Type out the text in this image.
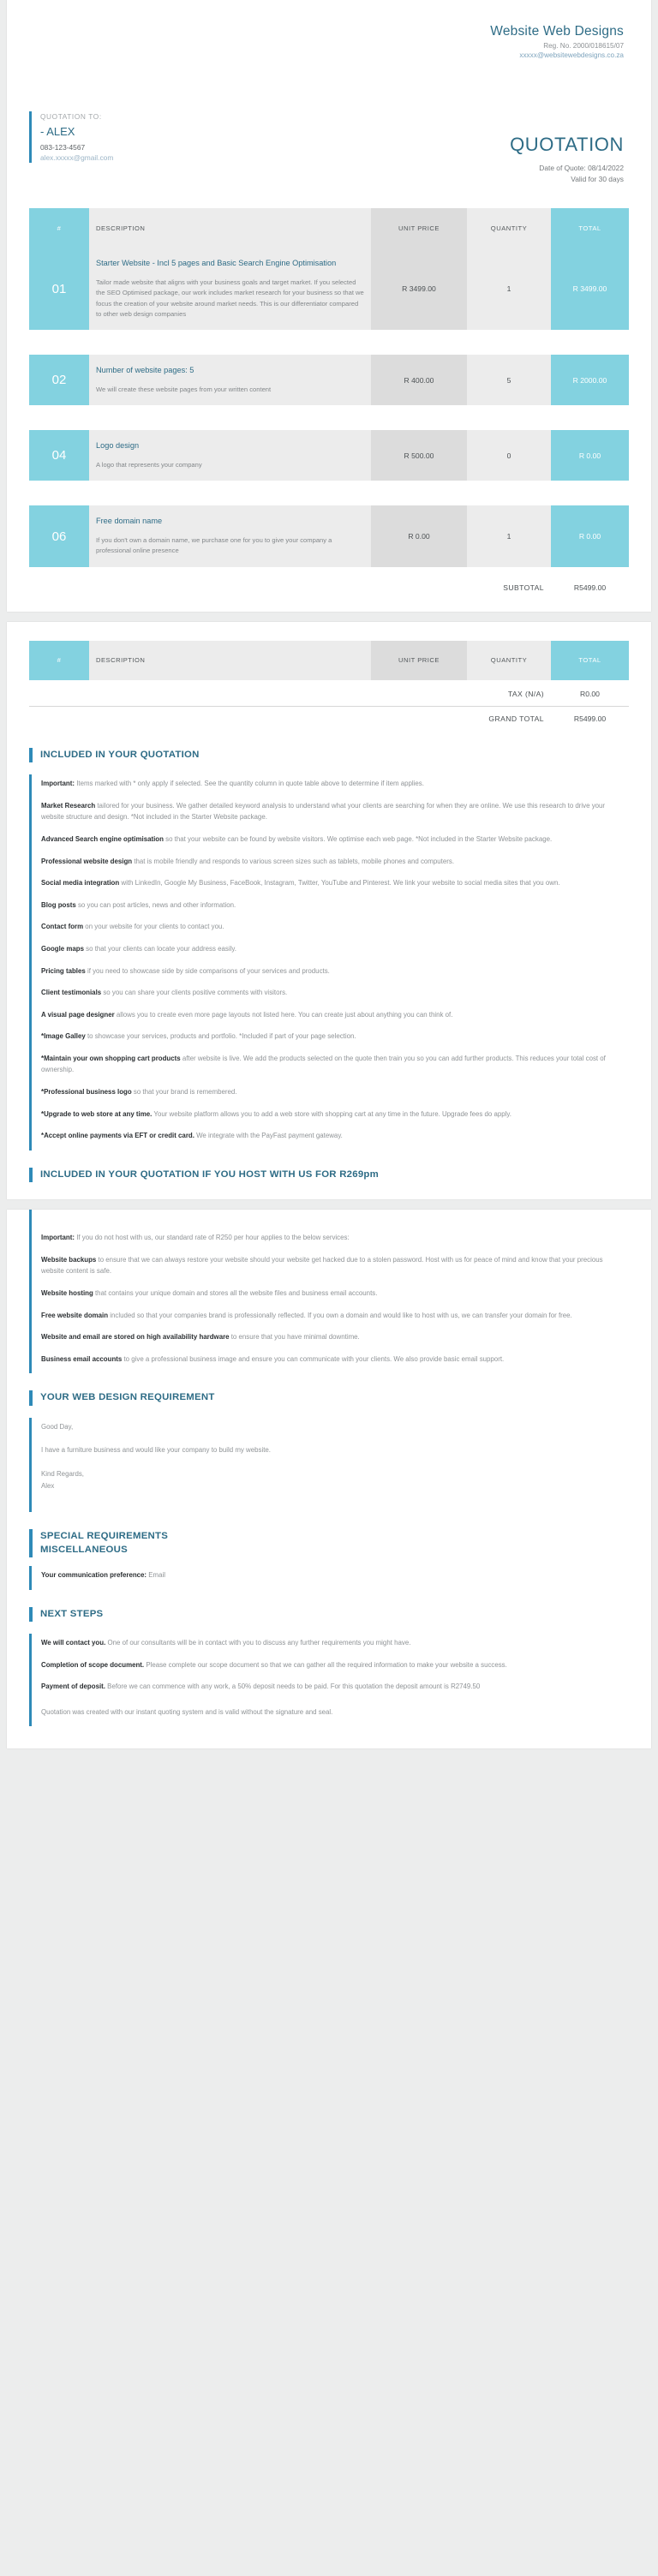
Website Web Designs
Reg. No. 2000/018615/07
xxxxx@websitewebdesigns.co.za
QUOTATION TO:
- ALEX
083-123-4567
alex.xxxxx@gmail.com
QUOTATION
Date of Quote: 08/14/2022
Valid for 30 days
#	DESCRIPTION	UNIT PRICE	QUANTITY	TOTAL
01	Starter Website - Incl 5 pages and Basic Search Engine Optimisation
Tailor made website that aligns with your business goals and target market. If you selected the SEO Optimised package, our work includes market research for your business so that we focus the creation of your website around market needs. This is our differentiator compared to other web design companies	R 3499.00	1	R 3499.00

02	Number of website pages: 5
We will create these website pages from your written content	R 400.00	5	R 2000.00

04	Logo design
A logo that represents your company	R 500.00	0	R 0.00

06	Free domain name
If you don't own a domain name, we purchase one for you to give your company a professional online presence	R 0.00	1	R 0.00
	SUBTOTAL	R5499.00
#	DESCRIPTION	UNIT PRICE	QUANTITY	TOTAL
	TAX (N/A)	R0.00
	GRAND TOTAL	R5499.00
INCLUDED IN YOUR QUOTATION

Important: Items marked with * only apply if selected. See the quantity column in quote table above to determine if item applies.

Market Research tailored for your business. We gather detailed keyword analysis to understand what your clients are searching for when they are online. We use this research to drive your website structure and design. *Not included in the Starter Website package.

Advanced Search engine optimisation so that your website can be found by website visitors. We optimise each web page. *Not included in the Starter Website package.

Professional website design that is mobile friendly and responds to various screen sizes such as tablets, mobile phones and computers.

Social media integration with LinkedIn, Google My Business, FaceBook, Instagram, Twitter, YouTube and Pinterest. We link your website to social media sites that you own.

Blog posts so you can post articles, news and other information.

Contact form on your website for your clients to contact you.

Google maps so that your clients can locate your address easily.

Pricing tables if you need to showcase side by side comparisons of your services and products.

Client testimonials so you can share your clients positive comments with visitors.

A visual page designer allows you to create even more page layouts not listed here. You can create just about anything you can think of.

*Image Galley to showcase your services, products and portfolio. *Included if part of your page selection.

*Maintain your own shopping cart products after website is live. We add the products selected on the quote then train you so you can add further products. This reduces your total cost of ownership.

*Professional business logo so that your brand is remembered.

*Upgrade to web store at any time. Your website platform allows you to add a web store with shopping cart at any time in the future. Upgrade fees do apply.

*Accept online payments via EFT or credit card. We integrate with the PayFast payment gateway.

INCLUDED IN YOUR QUOTATION IF YOU HOST WITH US FOR R269pm

Important: If you do not host with us, our standard rate of R250 per hour applies to the below services:

Website backups to ensure that we can always restore your website should your website get hacked due to a stolen password. Host with us for peace of mind and know that your precious website content is safe.

Website hosting that contains your unique domain and stores all the website files and business email accounts.

Free website domain included so that your companies brand is professionally reflected. If you own a domain and would like to host with us, we can transfer your domain for free.

Website and email are stored on high availability hardware to ensure that you have minimal downtime.

Business email accounts to give a professional business image and ensure you can communicate with your clients. We also provide basic email support.

YOUR WEB DESIGN REQUIREMENT

Good Day,

I have a furniture business and would like your company to build my website.

Kind Regards,

Alex

SPECIAL REQUIREMENTS
MISCELLANEOUS

Your communication preference: Email

NEXT STEPS

We will contact you. One of our consultants will be in contact with you to discuss any further requirements you might have.

Completion of scope document. Please complete our scope document so that we can gather all the required information to make your website a success.

Payment of deposit. Before we can commence with any work, a 50% deposit needs to be paid. For this quotation the deposit amount is R2749.50

Quotation was created with our instant quoting system and is valid without the signature and seal.
